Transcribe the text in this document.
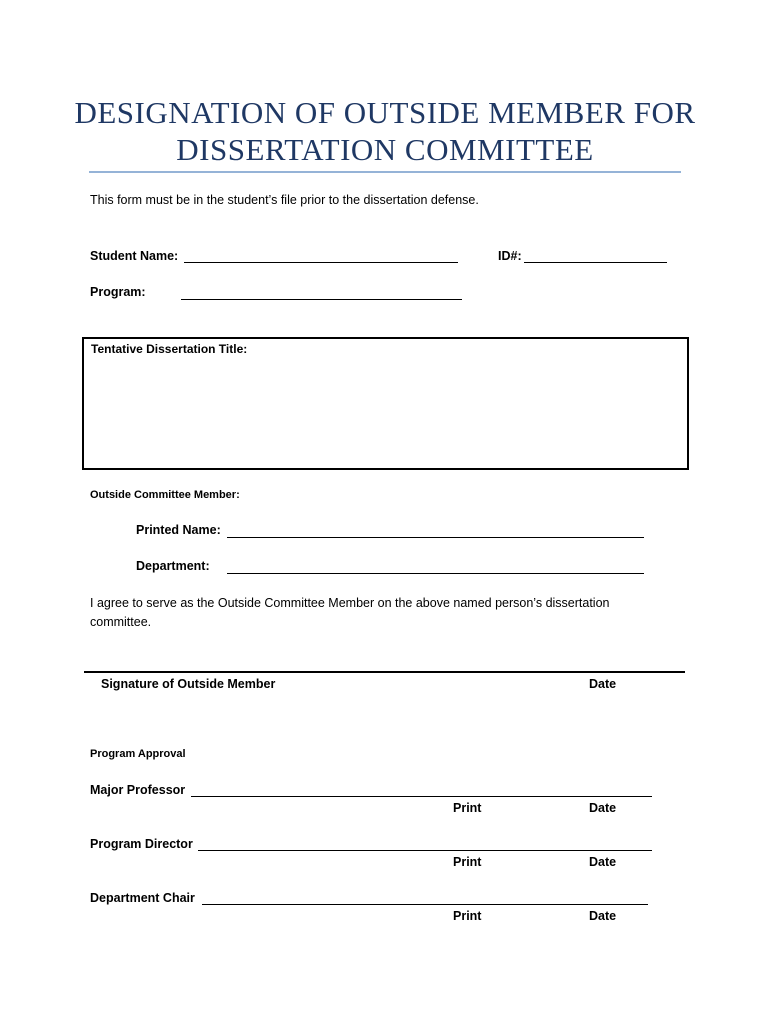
DESIGNATION OF OUTSIDE MEMBER FOR
DISSERTATION COMMITTEE
This form must be in the student’s file prior to the dissertation defense.
Student Name:	ID#:
Program:
Tentative Dissertation Title:
Outside Committee Member:
Printed Name:
Department:
I agree to serve as the Outside Committee Member on the above named person’s dissertation committee.
Signature of Outside Member	Date
Program Approval
Major Professor
Print	Date
Program Director
Print	Date
Department Chair
Print	Date
